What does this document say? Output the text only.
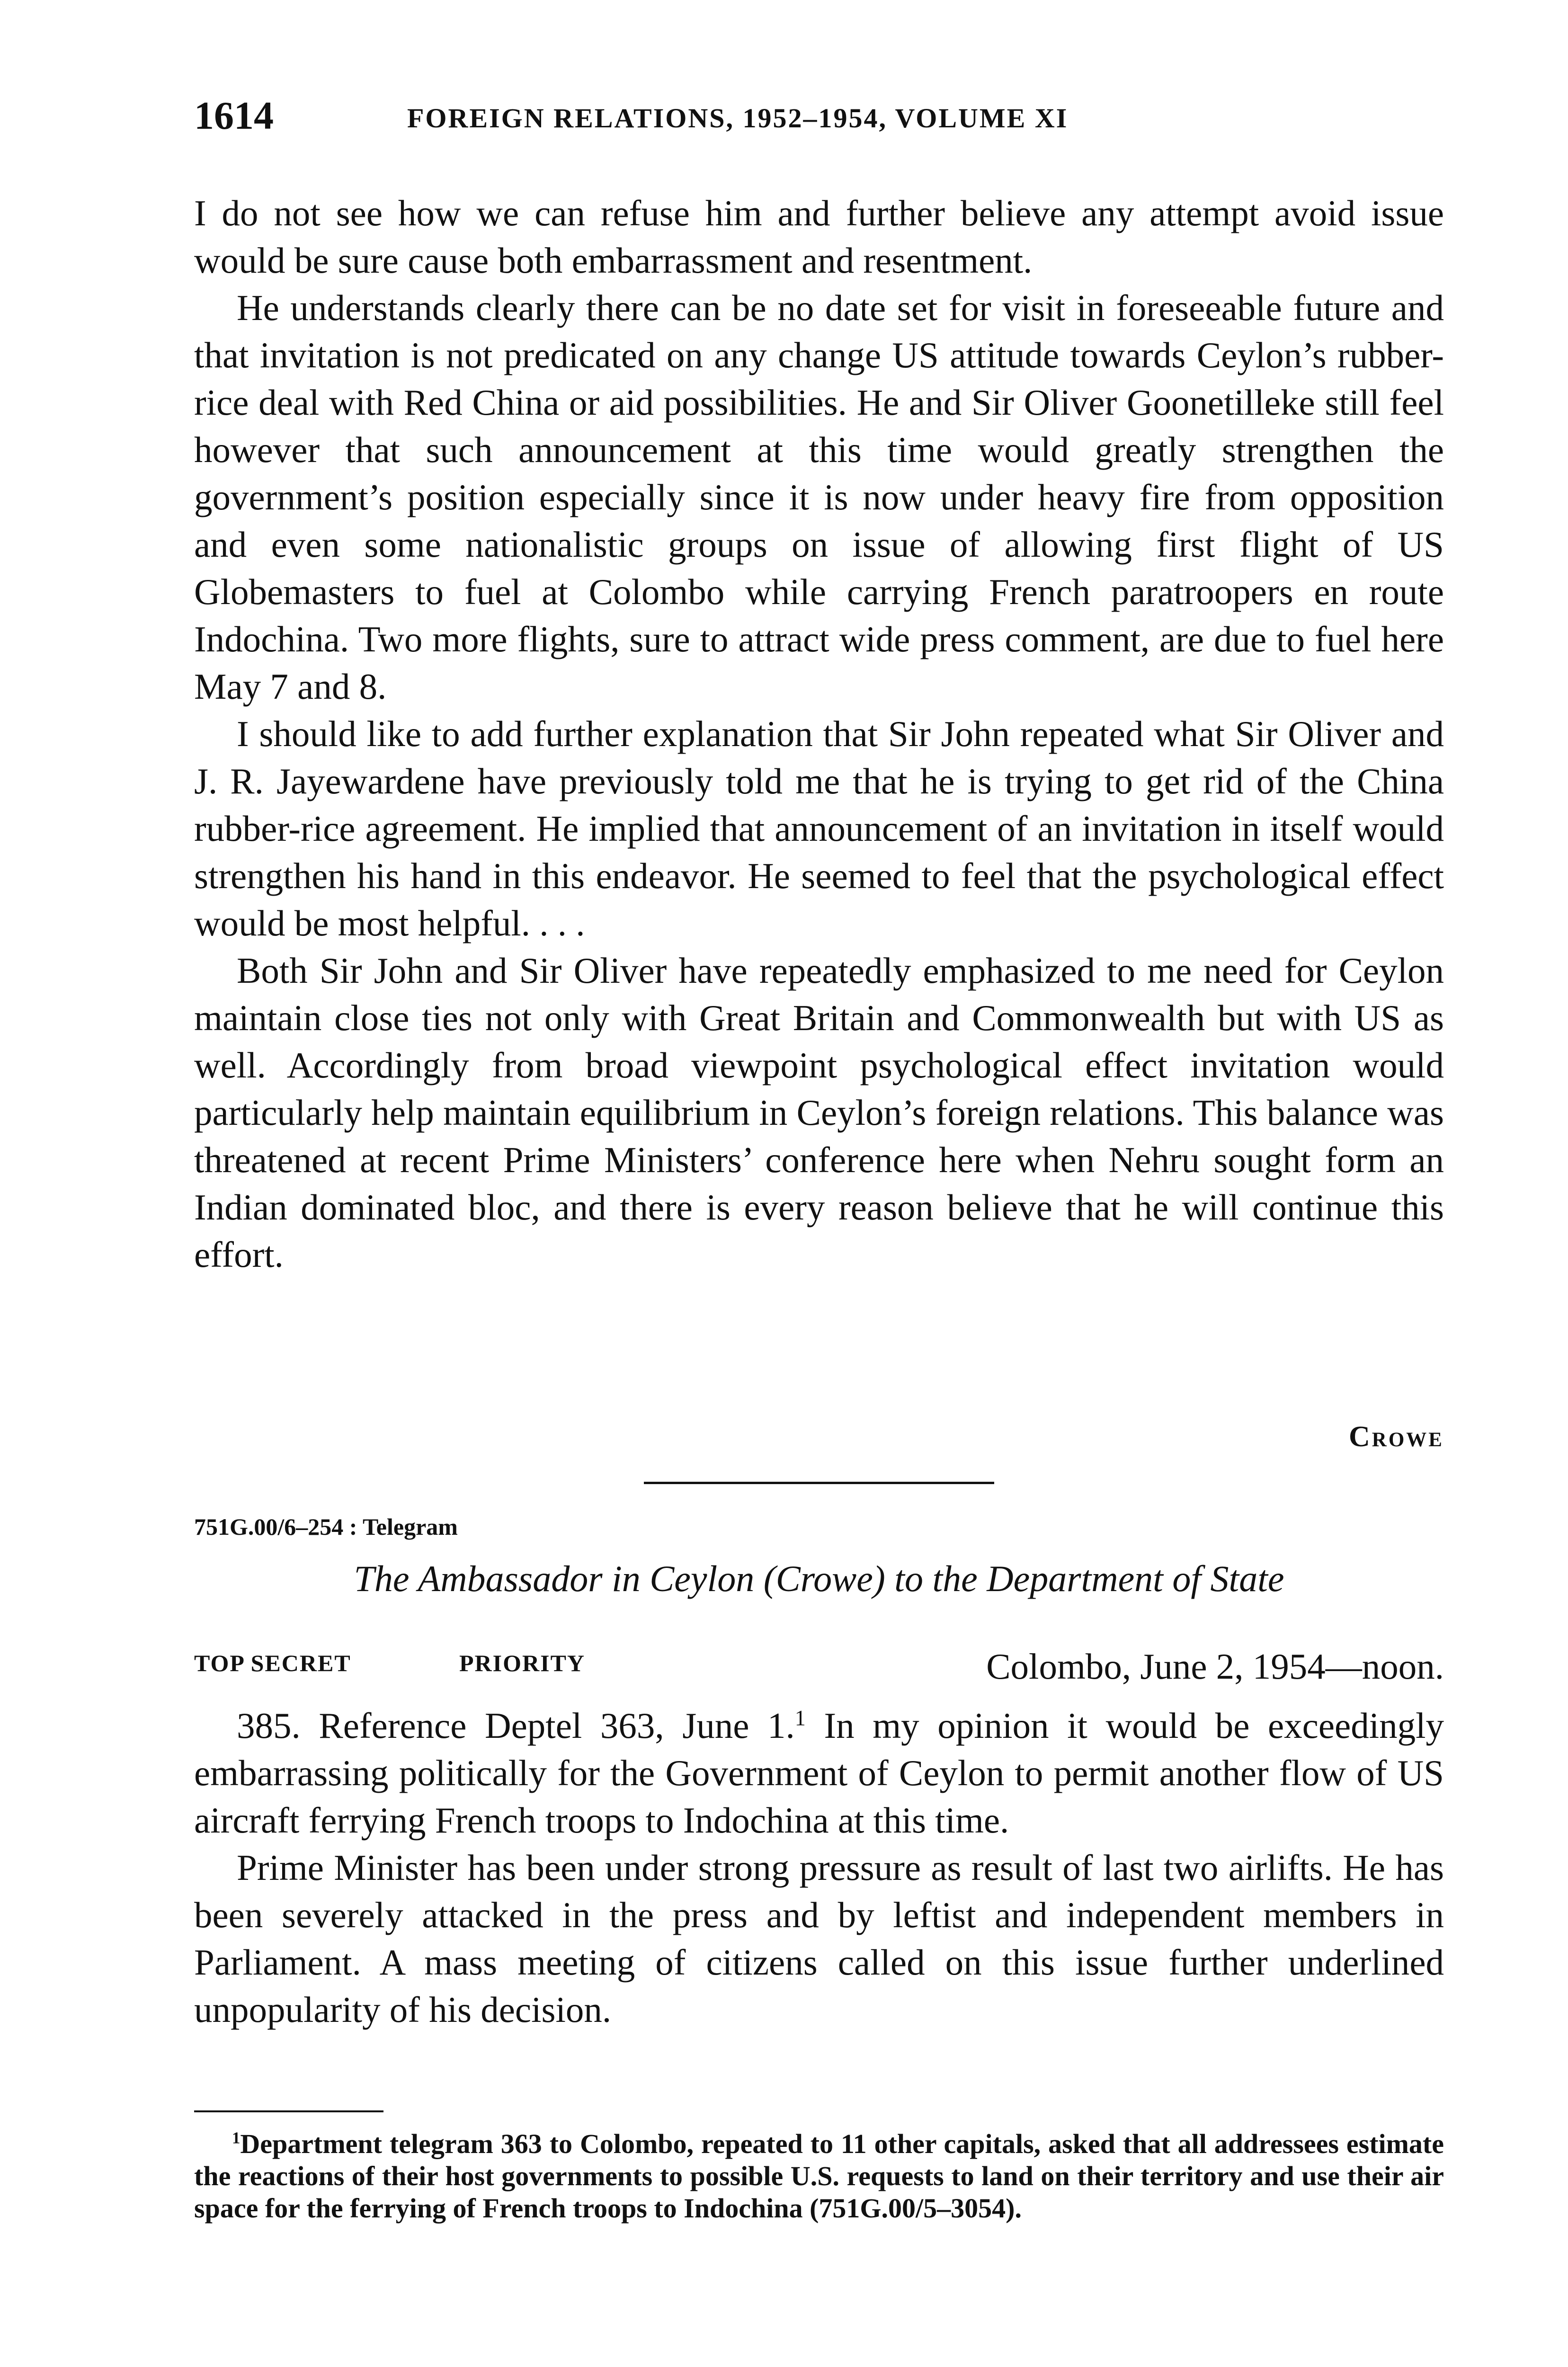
1614	FOREIGN RELATIONS, 1952–1954, VOLUME XI

I do not see how we can refuse him and further believe any attempt avoid issue would be sure cause both embarrassment and resentment.

He understands clearly there can be no date set for visit in foreseeable future and that invitation is not predicated on any change US attitude towards Ceylon’s rubber-rice deal with Red China or aid possibilities. He and Sir Oliver Goonetilleke still feel however that such announcement at this time would greatly strengthen the government’s position especially since it is now under heavy fire from opposition and even some nationalistic groups on issue of allowing first flight of US Globemasters to fuel at Colombo while carrying French paratroopers en route Indochina. Two more flights, sure to attract wide press comment, are due to fuel here May 7 and 8.

I should like to add further explanation that Sir John repeated what Sir Oliver and J. R. Jayewardene have previously told me that he is trying to get rid of the China rubber-rice agreement. He implied that announcement of an invitation in itself would strengthen his hand in this endeavor. He seemed to feel that the psychological effect would be most helpful. . . .

Both Sir John and Sir Oliver have repeatedly emphasized to me need for Ceylon maintain close ties not only with Great Britain and Commonwealth but with US as well. Accordingly from broad viewpoint psychological effect invitation would particularly help maintain equilibrium in Ceylon’s foreign relations. This balance was threatened at recent Prime Ministers’ conference here when Nehru sought form an Indian dominated bloc, and there is every reason believe that he will continue this effort.

Crowe
751G.00/6–254 : Telegram
The Ambassador in Ceylon (Crowe) to the Department of State
TOP SECRET	PRIORITY	Colombo, June 2, 1954—noon.

385. Reference Deptel 363, June 1.$^1$ In my opinion it would be exceedingly embarrassing politically for the Government of Ceylon to permit another flow of US aircraft ferrying French troops to Indochina at this time.

Prime Minister has been under strong pressure as result of last two airlifts. He has been severely attacked in the press and by leftist and independent members in Parliament. A mass meeting of citizens called on this issue further underlined unpopularity of his decision.

$^1$Department telegram 363 to Colombo, repeated to 11 other capitals, asked that all addressees estimate the reactions of their host governments to possible U.S. requests to land on their territory and use their air space for the ferrying of French troops to Indochina (751G.00/5–3054).
